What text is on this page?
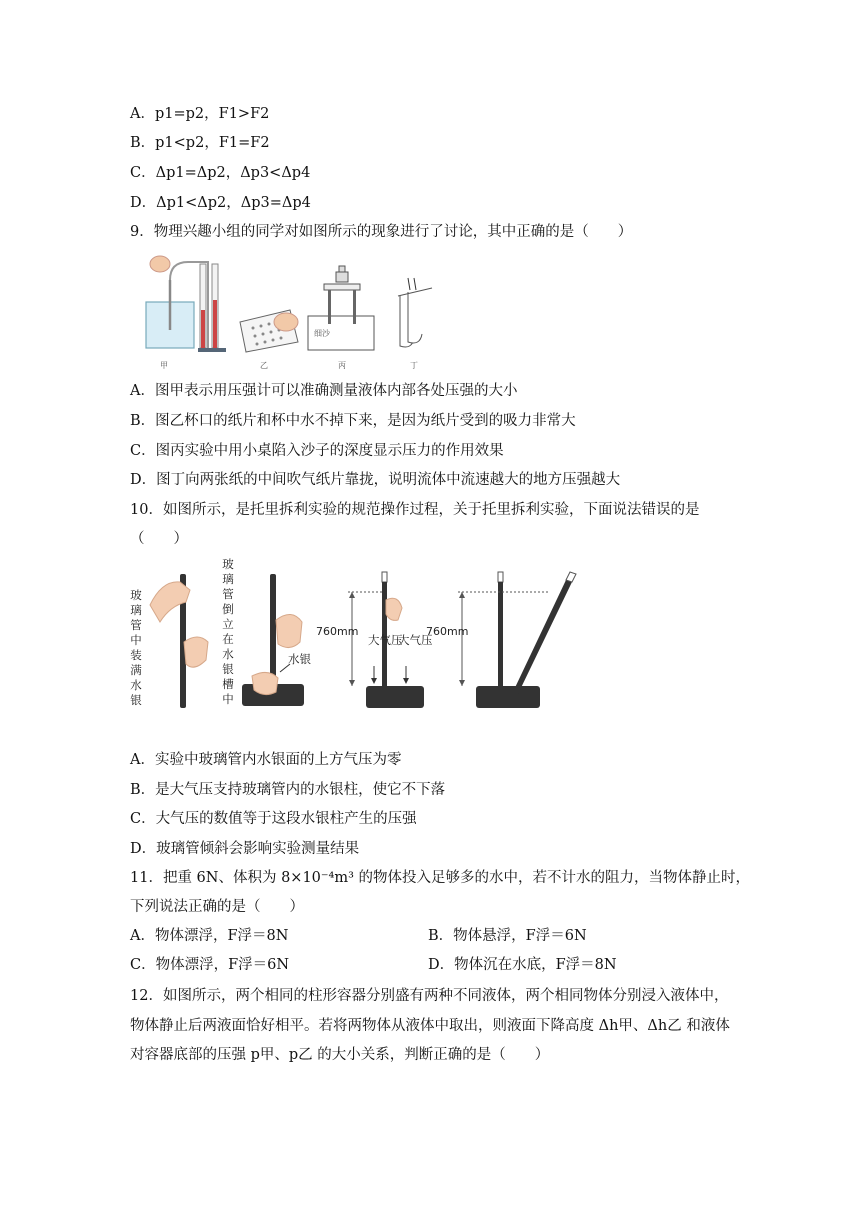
A．p1=p2，F1>F2
B．p1<p2，F1=F2
C．Δp1=Δp2，Δp3<Δp4
D．Δp1<Δp2，Δp3=Δp4
9．物理兴趣小组的同学对如图所示的现象进行了讨论，其中正确的是（　　）
甲	乙
细沙
丙	丁
A．图甲表示用压强计可以准确测量液体内部各处压强的大小
B．图乙杯口的纸片和杯中水不掉下来，是因为纸片受到的吸力非常大
C．图丙实验中用小桌陷入沙子的深度显示压力的作用效果
D．图丁向两张纸的中间吹气纸片靠拢，说明流体中流速越大的地方压强越大
10．如图所示，是托里拆利实验的规范操作过程，关于托里拆利实验，下面说法错误的是
（　　）
玻璃管中装满水银
玻璃管倒立在水银槽中
水银
760mm
大气压
大气压
760mm
A．实验中玻璃管内水银面的上方气压为零
B．是大气压支持玻璃管内的水银柱，使它不下落
C．大气压的数值等于这段水银柱产生的压强
D．玻璃管倾斜会影响实验测量结果
11．把重 6N、体积为 8×10⁻⁴m³ 的物体投入足够多的水中，若不计水的阻力，当物体静止时，
下列说法正确的是（　　）
A．物体漂浮，F浮＝8N	B．物体悬浮，F浮＝6N
C．物体漂浮，F浮＝6N	D．物体沉在水底，F浮＝8N
12．如图所示，两个相同的柱形容器分别盛有两种不同液体，两个相同物体分别浸入液体中，
物体静止后两液面恰好相平。若将两物体从液体中取出，则液面下降高度 Δh甲、Δh乙 和液体
对容器底部的压强 p甲、p乙 的大小关系，判断正确的是（　　）
